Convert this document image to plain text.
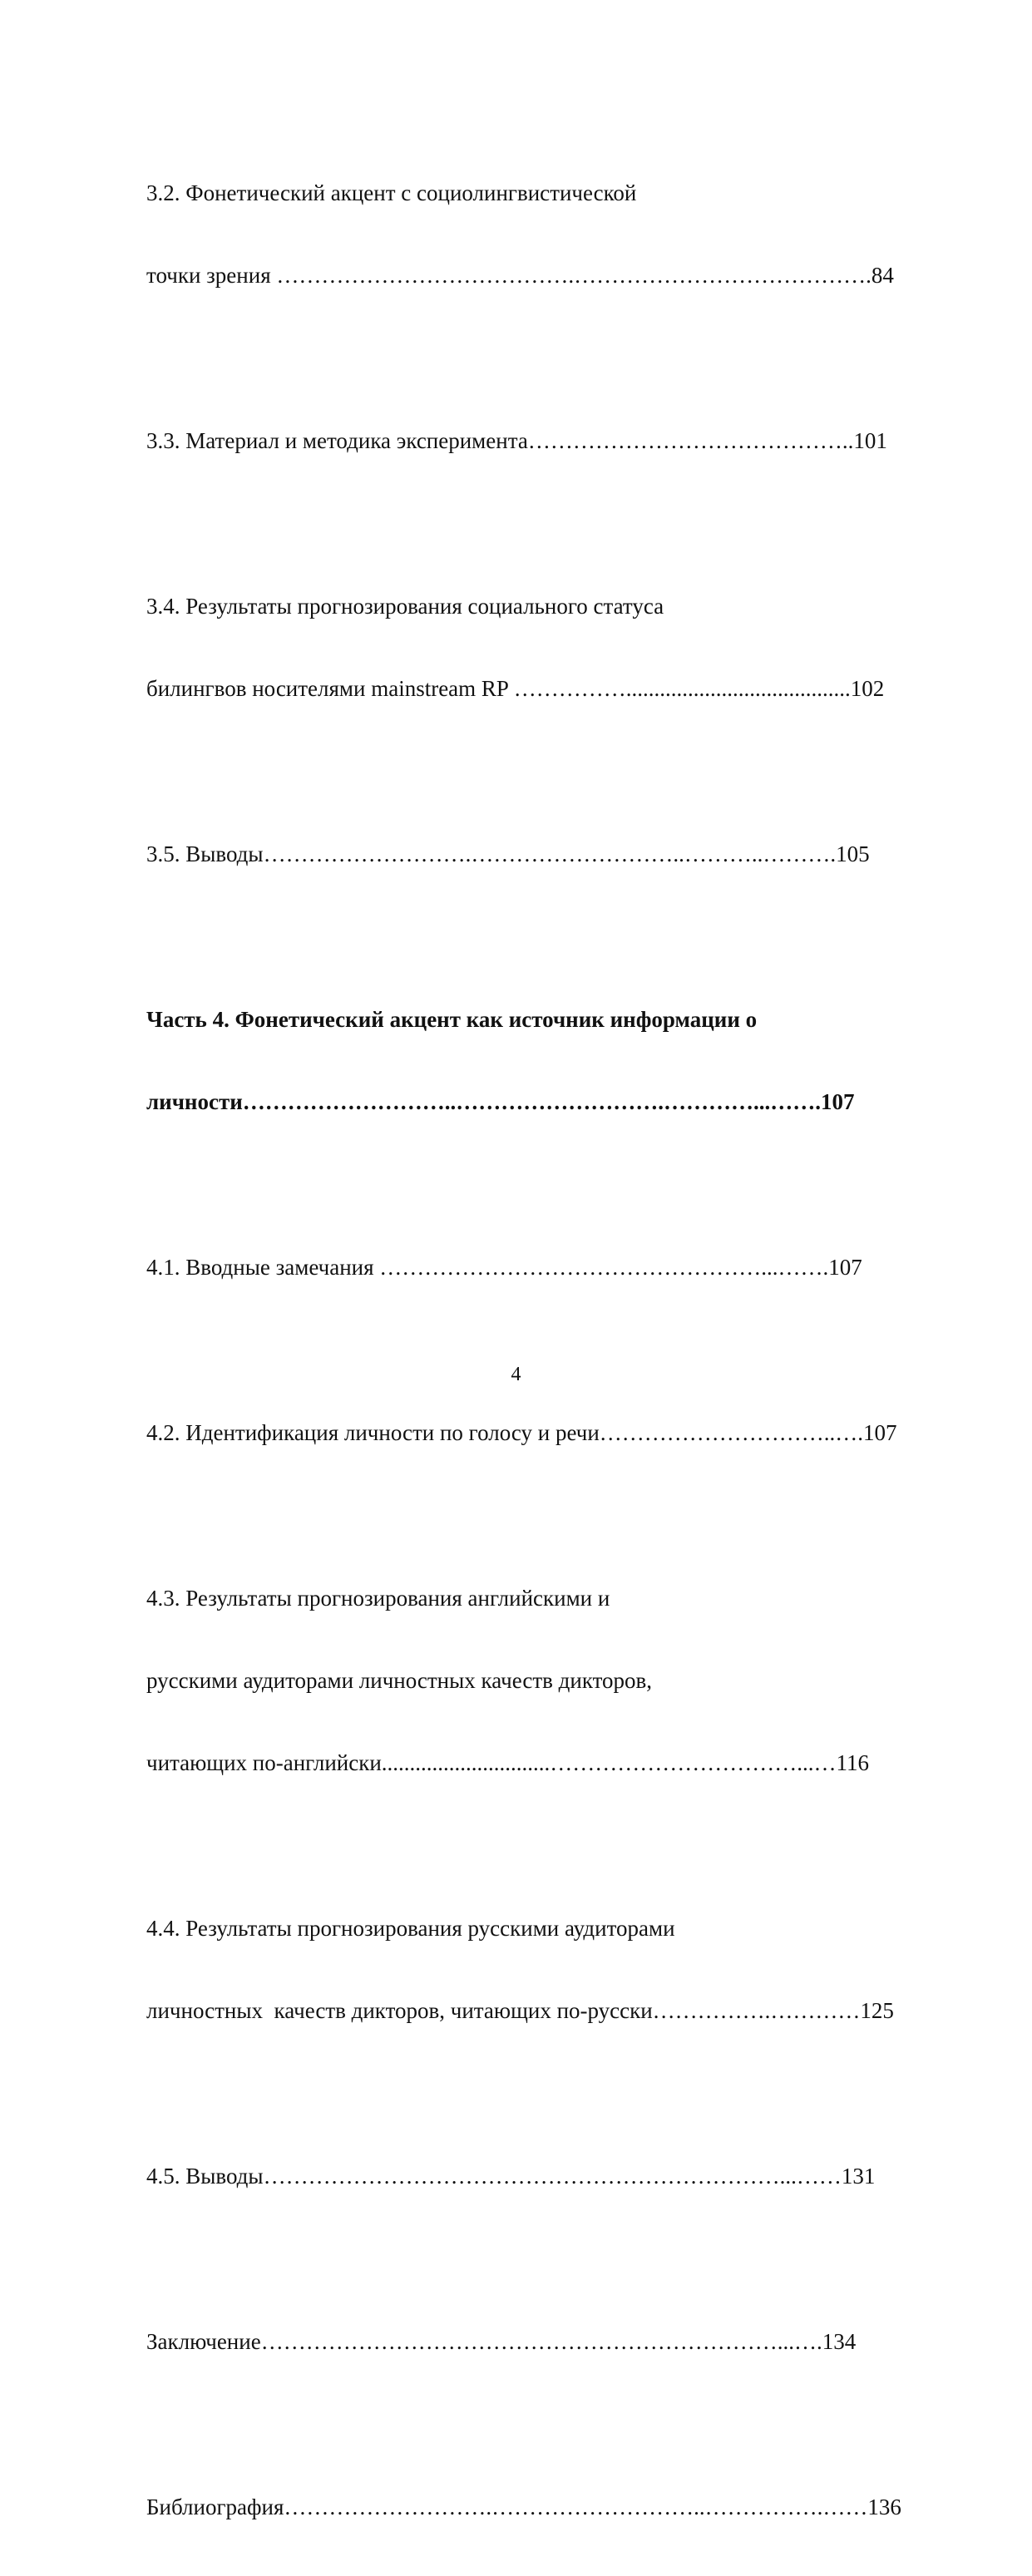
3.2. Фонетический акцент с социолингвистической

точки зрения ………………………………….………………………………….84

3.3. Материал и методика эксперимента……………………………………..101

3.4. Результаты прогнозирования социального статуса

билингвов носителями mainstream RP ……………........................................102

3.5. Выводы……………………….………………………..………..……….105

Часть 4. Фонетический акцент как источник информации о

личности………………………..……………………….…………...…….107

4.1. Вводные замечания ……………………………………………...…….107

4.2. Идентификация личности по голосу и речи…………………………..….107

4.3. Результаты прогнозирования английскими и

русскими аудиторами личностных качеств дикторов,

читающих по-английски..............................……………………………...…116

4.4. Результаты прогнозирования русскими аудиторами

личностных  качеств дикторов, читающих по-русски…………….…………125

4.5. Выводы……………………………………………………………...……131

Заключение……………………………………………………………...….134

Библиография……………………….………………………..…………….……136

4
